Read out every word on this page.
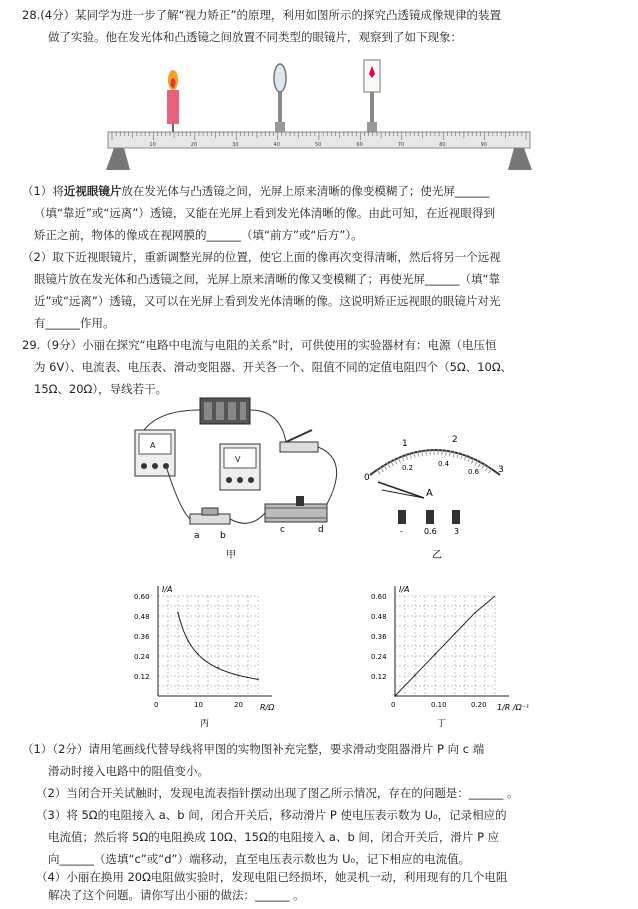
28.(4分）某同学为进一步了解“视力矫正”的原理，利用如图所示的探究凸透镜成像规律的装置
做了实验。他在发光体和凸透镜之间放置不同类型的眼镜片，观察到了如下现象：
10	20	30	40	50	60	70	80	90
（1）将近视眼镜片放在发光体与凸透镜之间，光屏上原来清晰的像变模糊了；使光屏______
（填“靠近”或“远离”）透镜，又能在光屏上看到发光体清晰的像。由此可知，在近视眼得到
矫正之前，物体的像成在视网膜的______（填“前方”或“后方”）。
（2）取下近视眼镜片，重新调整光屏的位置，使它上面的像再次变得清晰，然后将另一个远视
眼镜片放在发光体和凸透镜之间，光屏上原来清晰的像又变模糊了；再使光屏______（填“靠
近”或“远离”）透镜，又可以在光屏上看到发光体清晰的像。这说明矫正远视眼的眼镜片对光
有______作用。
29.（9分）小丽在探究“电路中电流与电阻的关系”时，可供使用的实验器材有：电源（电压恒
为 6V）、电流表、电压表、滑动变阻器、开关各一个、阻值不同的定值电阻四个（5Ω、10Ω、
15Ω、20Ω），导线若干。
A
V
a b
c	d
甲
0
1	2
3
0.2	0.4
0.6
A
-	0.6 3
乙
I/A
R/Ω
0.12
0.24
0.36
0.48
0.60
0	10	20
丙
I/A
1/R /Ω⁻¹
0.12
0.24
0.36
0.48
0.60
0	0.10	0.20
丁
（1）（2分）请用笔画线代替导线将甲图的实物图补充完整，要求滑动变阻器滑片 P 向 c 端
滑动时接入电路中的阻值变小。
（2）当闭合开关试触时，发现电流表指针摆动出现了图乙所示情况，存在的问题是：______ 。
（3）将 5Ω的电阻接入 a、b 间，闭合开关后，移动滑片 P 使电压表示数为 U₀，记录相应的
电流值；然后将 5Ω的电阻换成 10Ω、15Ω的电阻接入 a、b 间，闭合开关后，滑片 P 应
向______（选填“c”或“d”）端移动，直至电压表示数也为 U₀，记下相应的电流值。
（4）小丽在换用 20Ω电阻做实验时，发现电阻已经损坏，她灵机一动，利用现有的几个电阻
解决了这个问题。请你写出小丽的做法：______ 。
